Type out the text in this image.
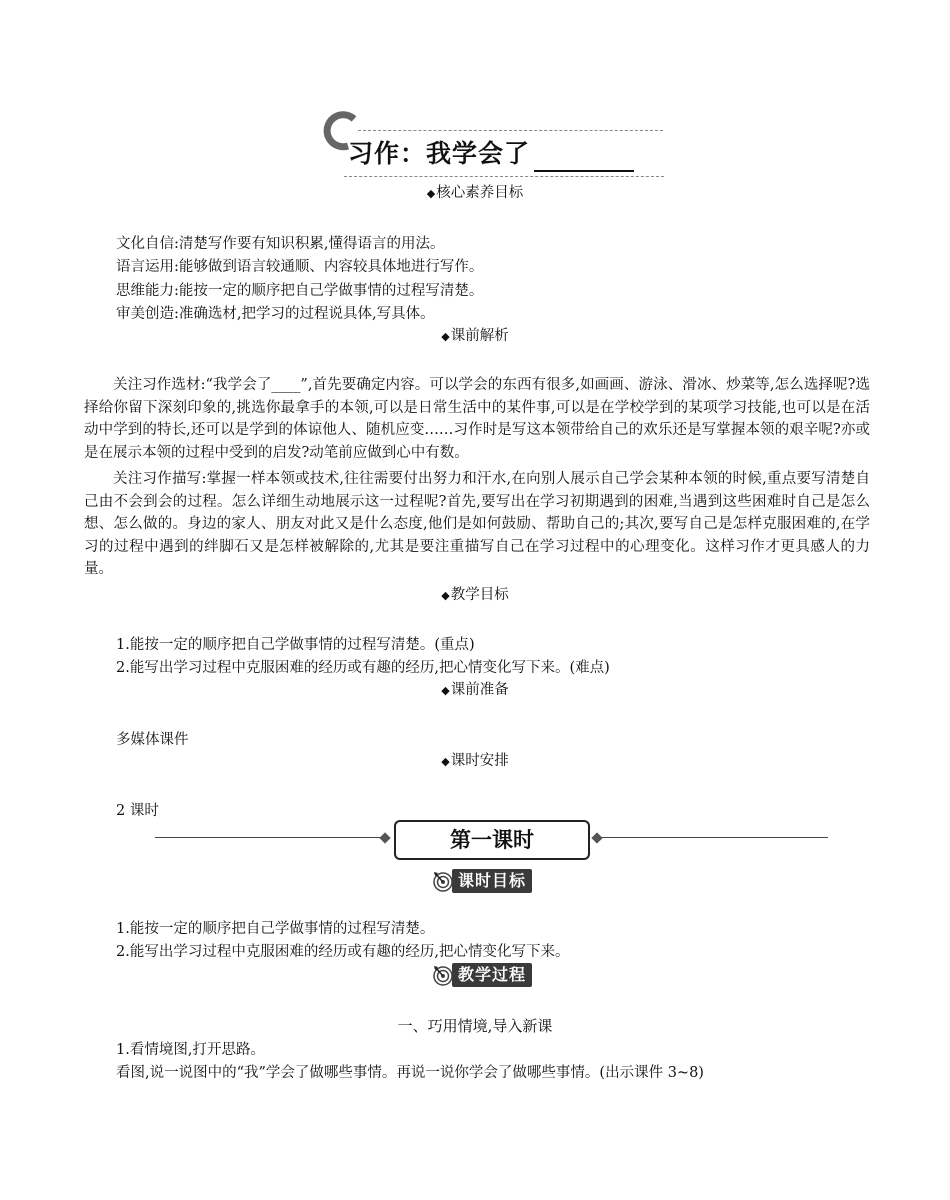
习作：我学会了
◆核心素养目标
文化自信:清楚写作要有知识积累,懂得语言的用法。
语言运用:能够做到语言较通顺、内容较具体地进行写作。
思维能力:能按一定的顺序把自己学做事情的过程写清楚。
审美创造:准确选材,把学习的过程说具体,写具体。
◆课前解析
关注习作选材:“我学会了____”,首先要确定内容。可以学会的东西有很多,如画画、游泳、滑冰、炒菜等,怎么选择呢?选择给你留下深刻印象的,挑选你最拿手的本领,可以是日常生活中的某件事,可以是在学校学到的某项学习技能,也可以是在活动中学到的特长,还可以是学到的体谅他人、随机应变……习作时是写这本领带给自己的欢乐还是写掌握本领的艰辛呢?亦或是在展示本领的过程中受到的启发?动笔前应做到心中有数。
关注习作描写:掌握一样本领或技术,往往需要付出努力和汗水,在向别人展示自己学会某种本领的时候,重点要写清楚自己由不会到会的过程。怎么详细生动地展示这一过程呢?首先,要写出在学习初期遇到的困难,当遇到这些困难时自己是怎么想、怎么做的。身边的家人、朋友对此又是什么态度,他们是如何鼓励、帮助自己的;其次,要写自己是怎样克服困难的,在学习的过程中遇到的绊脚石又是怎样被解除的,尤其是要注重描写自己在学习过程中的心理变化。这样习作才更具感人的力量。
◆教学目标
1.能按一定的顺序把自己学做事情的过程写清楚。(重点)
2.能写出学习过程中克服困难的经历或有趣的经历,把心情变化写下来。(难点)
◆课前准备
多媒体课件
◆课时安排
2 课时
第一课时
课时目标
1.能按一定的顺序把自己学做事情的过程写清楚。
2.能写出学习过程中克服困难的经历或有趣的经历,把心情变化写下来。
教学过程
一、巧用情境,导入新课
1.看情境图,打开思路。
看图,说一说图中的“我”学会了做哪些事情。再说一说你学会了做哪些事情。(出示课件 3~8)
